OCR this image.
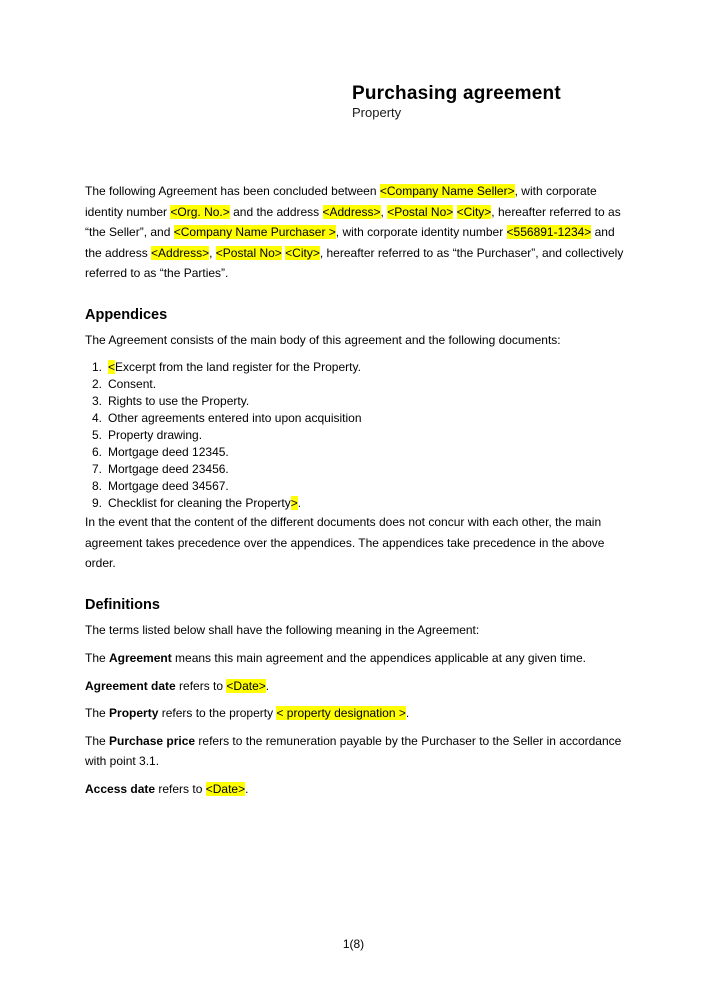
Purchasing agreement
Property

The following Agreement has been concluded between <Company Name Seller>, with corporate identity number <Org. No.> and the address <Address>, <Postal No> <City>, hereafter referred to as “the Seller”, and <Company Name Purchaser >, with corporate identity number <556891-1234> and the address <Address>, <Postal No> <City>, hereafter referred to as “the Purchaser”, and collectively referred to as “the Parties”.

Appendices

The Agreement consists of the main body of this agreement and the following documents:

1. <Excerpt from the land register for the Property.
2. Consent.
3. Rights to use the Property.
4. Other agreements entered into upon acquisition
5. Property drawing.
6. Mortgage deed 12345.
7. Mortgage deed 23456.
8. Mortgage deed 34567.
9. Checklist for cleaning the Property>.

In the event that the content of the different documents does not concur with each other, the main agreement takes precedence over the appendices. The appendices take precedence in the above order.

Definitions

The terms listed below shall have the following meaning in the Agreement:

The Agreement means this main agreement and the appendices applicable at any given time.

Agreement date refers to <Date>.

The Property refers to the property < property designation >.

The Purchase price refers to the remuneration payable by the Purchaser to the Seller in accordance with point 3.1.

Access date refers to <Date>.

1(8)
